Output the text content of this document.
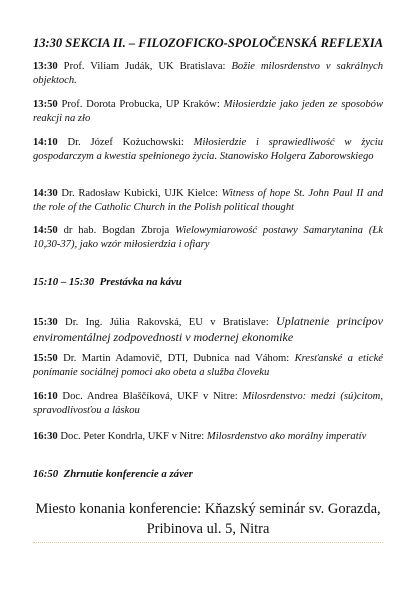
13:30 SEKCIA II. – FILOZOFICKO-SPOLOČENSKÁ REFLEXIA
13:30 Prof. Viliam Judák, UK Bratislava: Božie milosrdenstvo v sakrálnych objektoch.
13:50 Prof. Dorota Probucka, UP Kraków: Miłosierdzie jako jeden ze sposobów reakcji na zło
14:10 Dr. Józef Kożuchowski: Miłosierdzie i sprawiedliwość w życiu gospodarczym a kwestia spełnionego życia. Stanowisko Holgera Zaborowskiego
14:30 Dr. Radosław Kubicki, UJK Kielce: Witness of hope St. John Paul II and the role of the Catholic Church in the Polish political thought
14:50 dr hab. Bogdan Zbroja Wielowymiarowość postawy Samarytanina (Łk 10,30-37), jako wzór miłosierdzia i ofiary
15:10 – 15:30 Prestávka na kávu
15:30 Dr. Ing. Júlia Rakovská, EU v Bratislave: Uplatnenie princípov enviromentálnej zodpovednosti v modernej ekonomike
15:50 Dr. Martin Adamovič, DTI, Dubnica nad Váhom: Kresťanské a etické ponímanie sociálnej pomoci ako obeta a služba človeku
16:10 Doc. Andrea Blaščíková, UKF v Nitre: Milosrdenstvo: medzi (sú)citom, spravodlivosťou a láskou
16:30 Doc. Peter Kondrla, UKF v Nitre: Milosrdenstvo ako morálny imperatív
16:50 Zhrnutie konferencie a záver
Miesto konania konferencie: Kňazský seminár sv. Gorazda,
Pribinova ul. 5, Nitra
